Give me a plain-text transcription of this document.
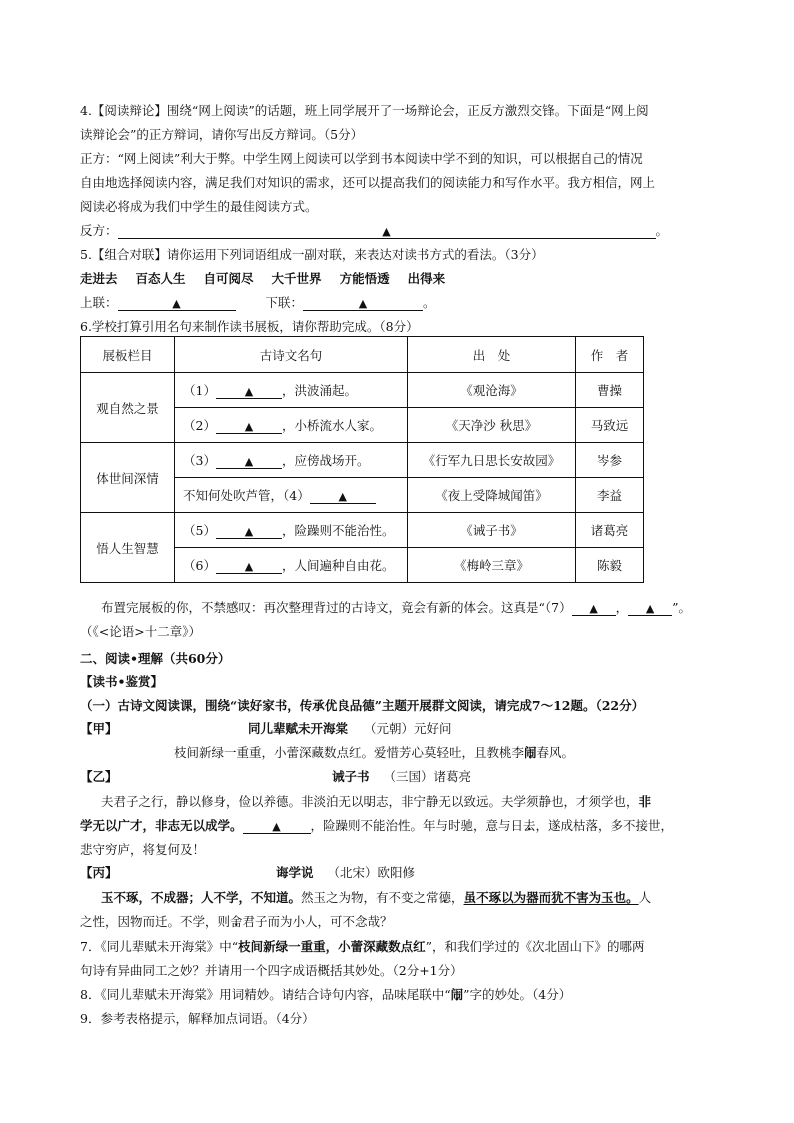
4.【阅读辩论】围绕“网上阅读”的话题，班上同学展开了一场辩论会，正反方激烈交锋。下面是“网上阅
读辩论会”的正方辩词，请你写出反方辩词。（5分）
正方：“网上阅读”利大于弊。中学生网上阅读可以学到书本阅读中学不到的知识，可以根据自己的情况
自由地选择阅读内容，满足我们对知识的需求，还可以提高我们的阅读能力和写作水平。我方相信，网上
阅读必将成为我们中学生的最佳阅读方式。
反方：	▲	。
5.【组合对联】请你运用下列词语组成一副对联，来表达对读书方式的看法。（3分）
走进去 百态人生 自可阅尽 大千世界 方能悟透 出得来
上联：	▲	下联：	▲	。
6.学校打算引用名句来制作读书展板，请你帮助完成。（8分）
展板栏目	古诗文名句	出　处	作　者
观自然之景	（1） ▲ ，洪波涌起。	《观沧海》	曹操
	（2） ▲ ，小桥流水人家。	《天净沙 秋思》	马致远
体世间深情	（3） ▲ ，应傍战场开。	《行军九日思长安故园》	岑参
	不知何处吹芦管，（4） ▲	《夜上受降城闻笛》	李益
悟人生智慧	（5） ▲ ，险躁则不能治性。	《诫子书》	诸葛亮
	（6） ▲ ，人间遍种自由花。	《梅岭三章》	陈毅
布置完展板的你，不禁感叹：再次整理背过的古诗文，竟会有新的体会。这真是“（7） ▲ ， ▲ ”。
（《<论语>十二章》）
二、阅读•理解（共60分）
【读书•鉴赏】
（一）古诗文阅读课，围绕“读好家书，传承优良品德”主题开展群文阅读，请完成7～12题。（22分）
【甲】	同儿辈赋未开海棠 （元朝）元好问
枝间新绿一重重，小蕾深藏数点红。爱惜芳心莫轻吐，且教桃李闹春风。
【乙】	诫子书 （三国）诸葛亮
夫君子之行，静以修身，俭以养德。非淡泊无以明志，非宁静无以致远。夫学须静也，才须学也，非
学无以广才，非志无以成学。	▲ ，险躁则不能治性。年与时驰，意与日去，遂成枯落，多不接世，
悲守穷庐，将复何及！
【丙】	诲学说 （北宋）欧阳修
玉不琢，不成器；人不学，不知道。然玉之为物，有不变之常德，虽不琢以为器而犹不害为玉也。人
之性，因物而迁。不学，则舍君子而为小人，可不念哉？
7．《同儿辈赋未开海棠》中“枝间新绿一重重，小蕾深藏数点红”，和我们学过的《次北固山下》的哪两
句诗有异曲同工之妙？并请用一个四字成语概括其妙处。（2分+1分）
8．《同儿辈赋未开海棠》用词精妙。请结合诗句内容，品味尾联中“闹”字的妙处。（4分）
9．参考表格提示，解释加点词语。（4分）
